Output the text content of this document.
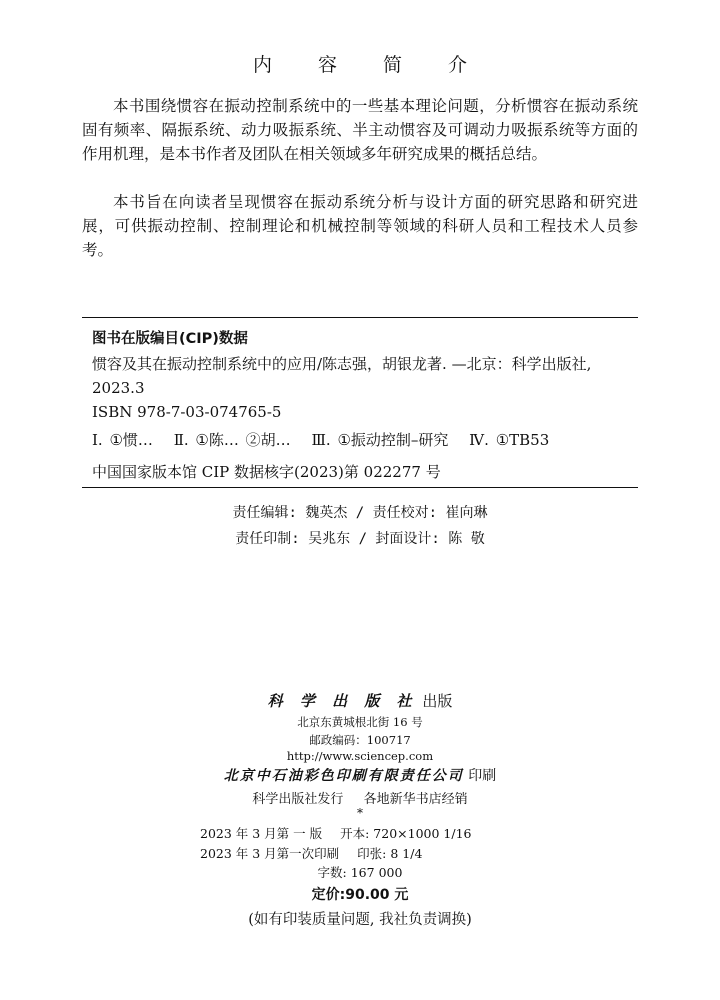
内 容 简 介

本书围绕惯容在振动控制系统中的一些基本理论问题，分析惯容在振动系统固有频率、隔振系统、动力吸振系统、半主动惯容及可调动力吸振系统等方面的作用机理，是本书作者及团队在相关领域多年研究成果的概括总结。

本书旨在向读者呈现惯容在振动系统分析与设计方面的研究思路和研究进展，可供振动控制、控制理论和机械控制等领域的科研人员和工程技术人员参考。

图书在版编目(CIP)数据
惯容及其在振动控制系统中的应用/陈志强，胡银龙著. —北京：科学出版社, 2023.3
ISBN 978-7-03-074765-5
Ⅰ. ①惯… Ⅱ. ①陈… ②胡… Ⅲ. ①振动控制–研究 Ⅳ. ①TB53
中国国家版本馆 CIP 数据核字(2023)第 022277 号
责任编辑: 魏英杰 / 责任校对: 崔向琳
责任印制: 吴兆东 / 封面设计: 陈 敬
科 学 出 版 社 出版
北京东黄城根北街 16 号
邮政编码：100717
http://www.sciencep.com
北京中石油彩色印刷有限责任公司 印刷
科学出版社发行 各地新华书店经销
*
2023 年 3 月第 一 版 开本: 720×1000 1/16
2023 年 3 月第一次印刷 印张: 8 1/4
字数: 167 000
定价:90.00 元
(如有印装质量问题, 我社负责调换)
